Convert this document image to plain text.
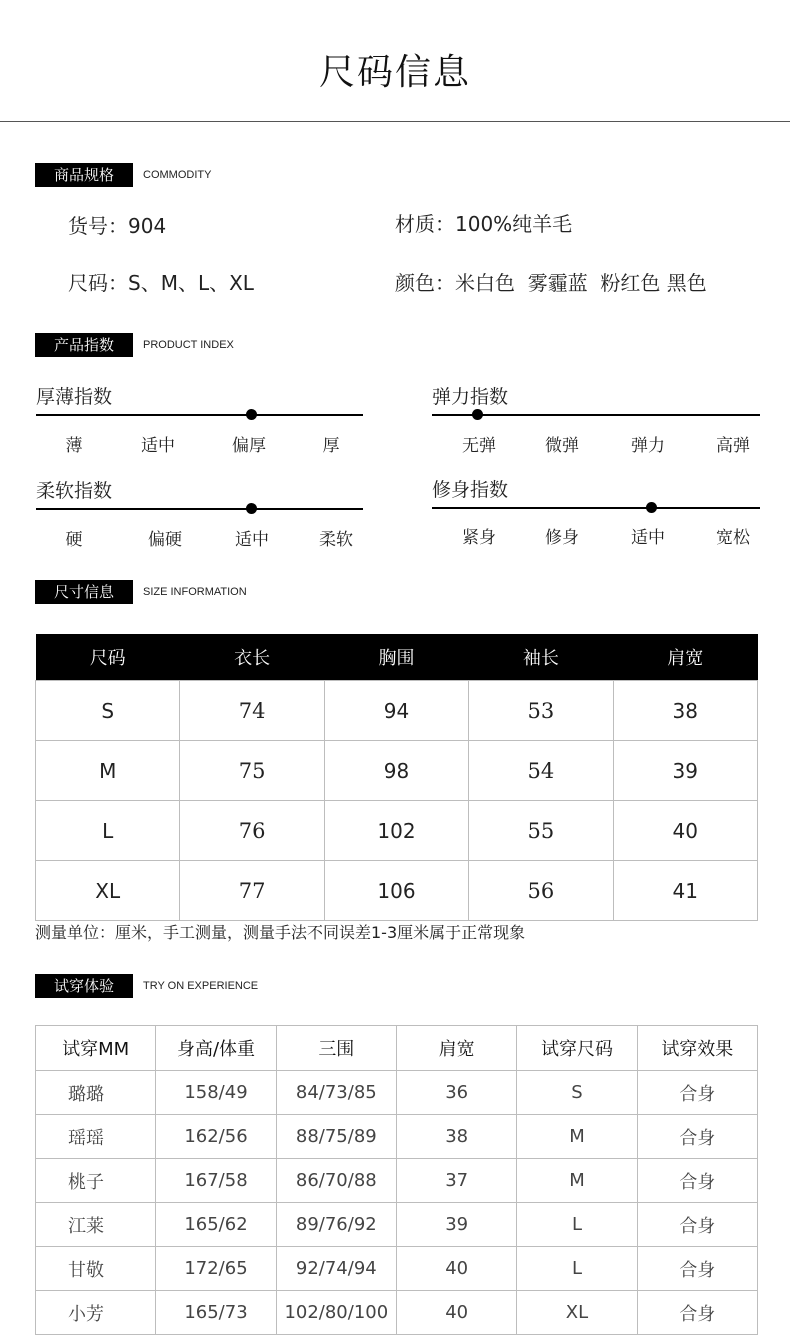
尺码信息
商品规格	COMMODITY
货号：904	材质：100%纯羊毛
尺码：S、M、L、XL	颜色：米白色  雾霾蓝  粉红色 黑色
产品指数	PRODUCT INDEX
厚薄指数
薄	适中	偏厚	厚
弹力指数
无弹	微弹	弹力	高弹
柔软指数
硬	偏硬	适中	柔软
修身指数
紧身	修身	适中	宽松
尺寸信息	SIZE INFORMATION
尺码	衣长	胸围	袖长	肩宽
S	74	94	53	38
M	75	98	54	39
L	76	102	55	40
XL	77	106	56	41
测量单位：厘米，手工测量，测量手法不同误差1-3厘米属于正常现象
试穿体验	TRY ON EXPERIENCE
试穿MM	身高/体重	三围	肩宽	试穿尺码	试穿效果
璐璐	158/49	84/73/85	36	S	合身
瑶瑶	162/56	88/75/89	38	M	合身
桃子	167/58	86/70/88	37	M	合身
江莱	165/62	89/76/92	39	L	合身
甘敬	172/65	92/74/94	40	L	合身
小芳	165/73	102/80/100	40	XL	合身
